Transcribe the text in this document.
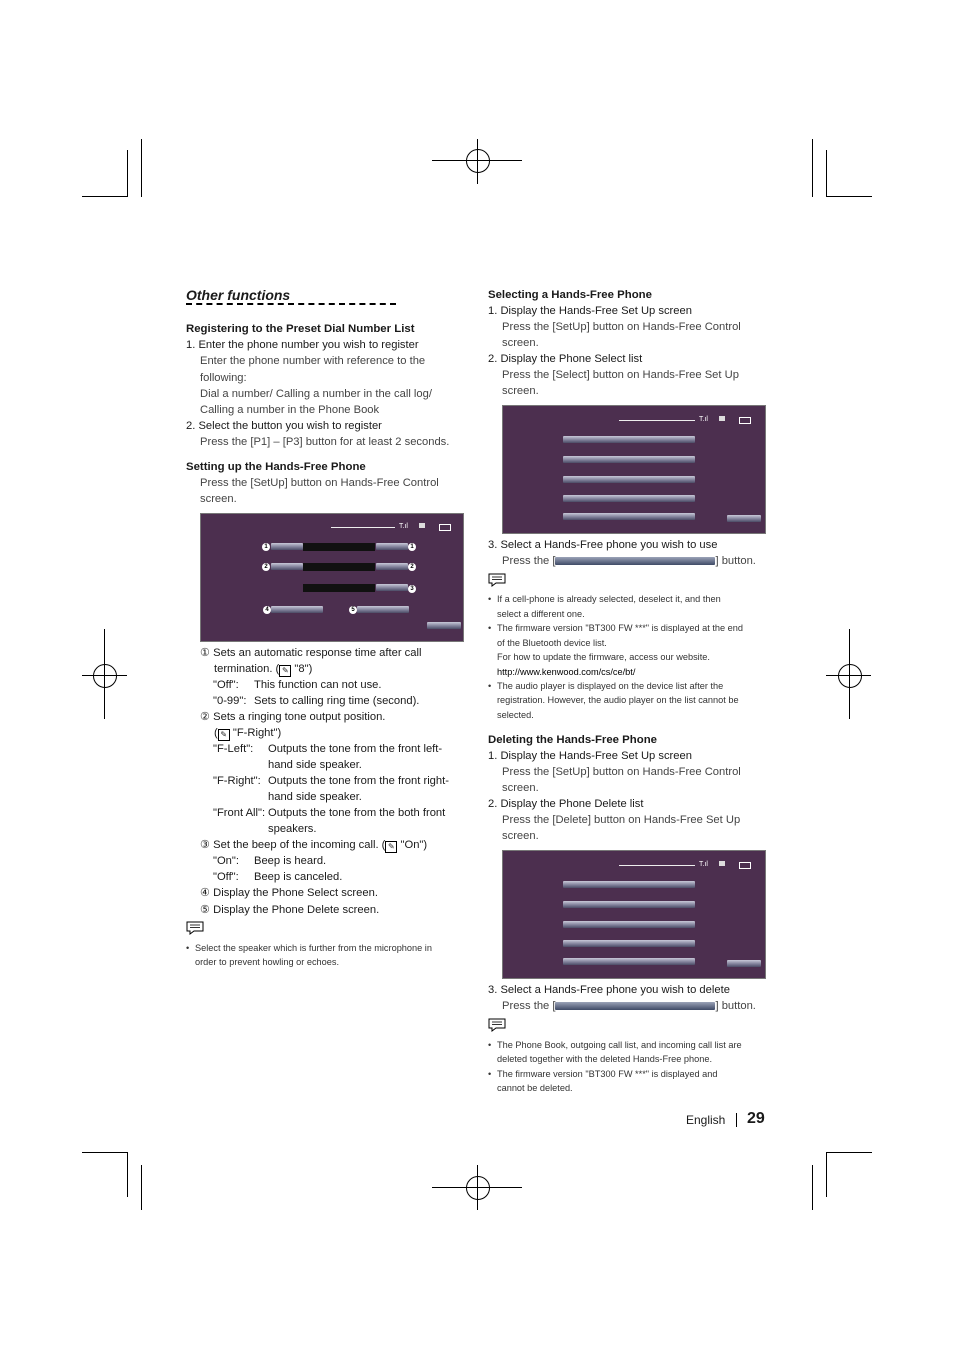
Other functions
Registering to the Preset Dial Number List
1. Enter the phone number you wish to register
Enter the phone number with reference to the
following:
Dial a number/ Calling a number in the call log/
Calling a number in the Phone Book
2. Select the button you wish to register
Press the [P1] – [P3] button for at least 2 seconds.
Setting up the Hands-Free Phone
Press the [SetUp] button on Hands-Free Control
screen.
T.ıl
1	1
2	2
3
4	5
① Sets an automatic response time after call
termination. ( ✎ "8")
"Off": This function can not use.
"0-99": Sets to calling ring time (second).
② Sets a ringing tone output position.
( ✎ "F-Right")
"F-Left": Outputs the tone from the front left-
hand side speaker.
"F-Right": Outputs the tone from the front right-
hand side speaker.
"Front All": Outputs the tone from the both front
speakers.
③ Set the beep of the incoming call. ( ✎ "On")
"On": Beep is heard.
"Off": Beep is canceled.
④ Display the Phone Select screen.
⑤ Display the Phone Delete screen.
• Select the speaker which is further from the microphone in
order to prevent howling or echoes.
Selecting a Hands-Free Phone
1. Display the Hands-Free Set Up screen
Press the [SetUp] button on Hands-Free Control
screen.
2. Display the Phone Select list
Press the [Select] button on Hands-Free Set Up
screen.
T.ıl
3. Select a Hands-Free phone you wish to use
Press the [	] button.
• If a cell-phone is already selected, deselect it, and then
select a different one.
• The firmware version "BT300 FW ***" is displayed at the end
of the Bluetooth device list.
For how to update the firmware, access our website.
http://www.kenwood.com/cs/ce/bt/
• The audio player is displayed on the device list after the
registration. However, the audio player on the list cannot be
selected.
Deleting the Hands-Free Phone
1. Display the Hands-Free Set Up screen
Press the [SetUp] button on Hands-Free Control
screen.
2. Display the Phone Delete list
Press the [Delete] button on Hands-Free Set Up
screen.
T.ıl
3. Select a Hands-Free phone you wish to delete
Press the [	] button.
• The Phone Book, outgoing call list, and incoming call list are
deleted together with the deleted Hands-Free phone.
• The firmware version "BT300 FW ***" is displayed and
cannot be deleted.
English 29
